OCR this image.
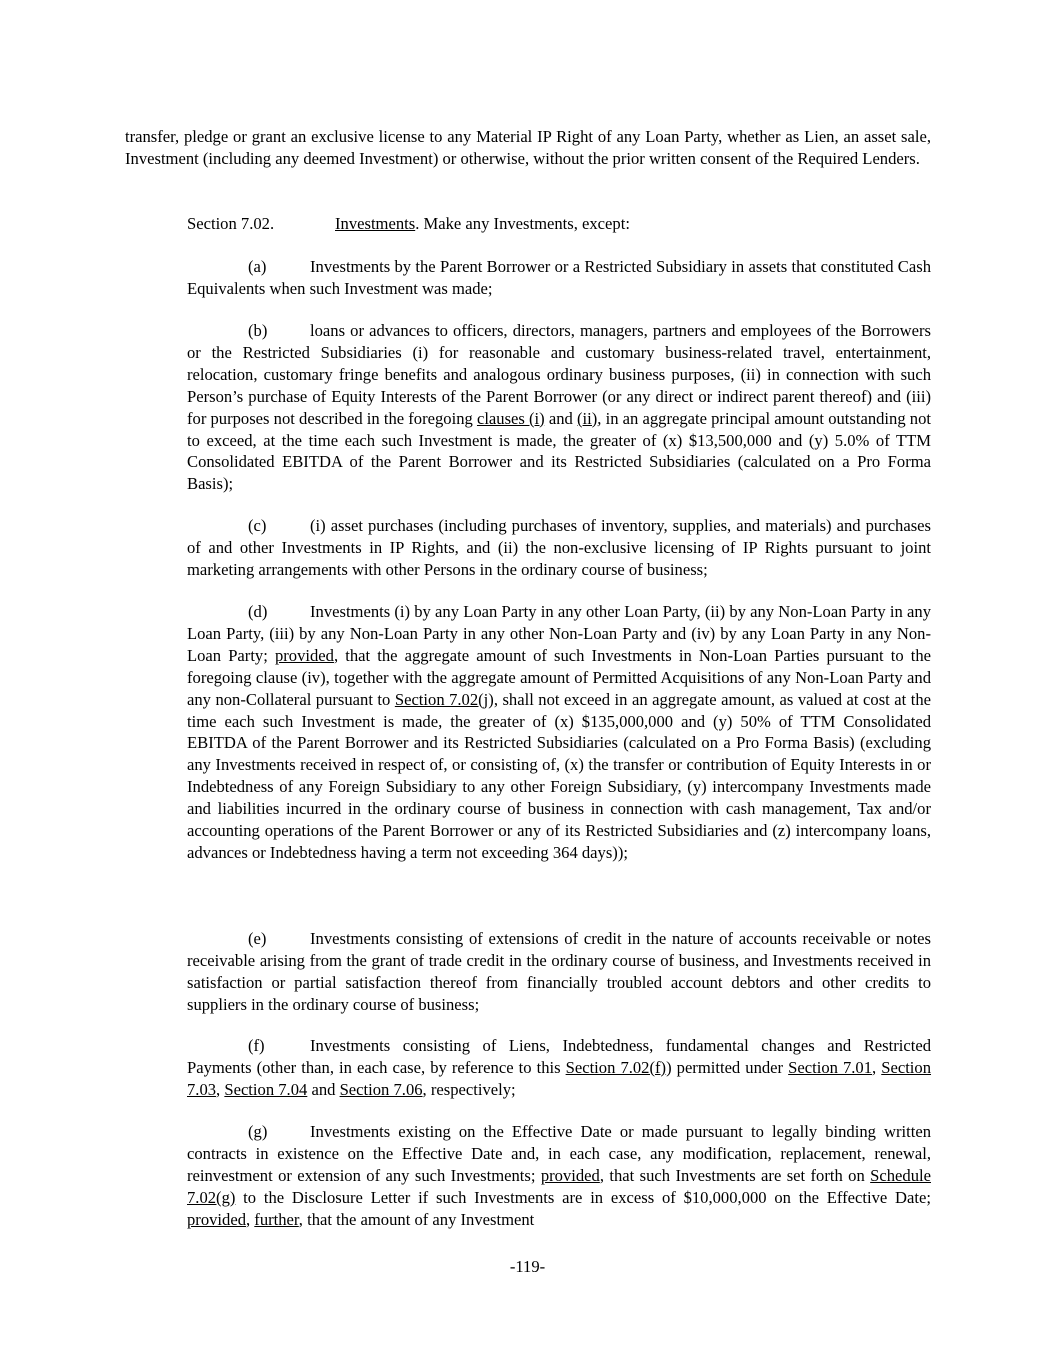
transfer, pledge or grant an exclusive license to any Material IP Right of any Loan Party, whether as Lien, an asset sale, Investment (including any deemed Investment) or otherwise, without the prior written consent of the Required Lenders.

Section 7.02.	Investments. Make any Investments, except:

(a)	Investments by the Parent Borrower or a Restricted Subsidiary in assets that constituted Cash Equivalents when such Investment was made;

(b)	loans or advances to officers, directors, managers, partners and employees of the Borrowers or the Restricted Subsidiaries (i) for reasonable and customary business-related travel, entertainment, relocation, customary fringe benefits and analogous ordinary business purposes, (ii) in connection with such Person’s purchase of Equity Interests of the Parent Borrower (or any direct or indirect parent thereof) and (iii) for purposes not described in the foregoing clauses (i) and (ii), in an aggregate principal amount outstanding not to exceed, at the time each such Investment is made, the greater of (x) $13,500,000 and (y) 5.0% of TTM Consolidated EBITDA of the Parent Borrower and its Restricted Subsidiaries (calculated on a Pro Forma Basis);

(c)	(i) asset purchases (including purchases of inventory, supplies, and materials) and purchases of and other Investments in IP Rights, and (ii) the non-exclusive licensing of IP Rights pursuant to joint marketing arrangements with other Persons in the ordinary course of business;

(d)	Investments (i) by any Loan Party in any other Loan Party, (ii) by any Non-Loan Party in any Loan Party, (iii) by any Non-Loan Party in any other Non-Loan Party and (iv) by any Loan Party in any Non-Loan Party; provided, that the aggregate amount of such Investments in Non-Loan Parties pursuant to the foregoing clause (iv), together with the aggregate amount of Permitted Acquisitions of any Non-Loan Party and any non-Collateral pursuant to Section 7.02(j), shall not exceed in an aggregate amount, as valued at cost at the time each such Investment is made, the greater of (x) $135,000,000 and (y) 50% of TTM Consolidated EBITDA of the Parent Borrower and its Restricted Subsidiaries (calculated on a Pro Forma Basis) (excluding any Investments received in respect of, or consisting of, (x) the transfer or contribution of Equity Interests in or Indebtedness of any Foreign Subsidiary to any other Foreign Subsidiary, (y) intercompany Investments made and liabilities incurred in the ordinary course of business in connection with cash management, Tax and/or accounting operations of the Parent Borrower or any of its Restricted Subsidiaries and (z) intercompany loans, advances or Indebtedness having a term not exceeding 364 days));

(e)	Investments consisting of extensions of credit in the nature of accounts receivable or notes receivable arising from the grant of trade credit in the ordinary course of business, and Investments received in satisfaction or partial satisfaction thereof from financially troubled account debtors and other credits to suppliers in the ordinary course of business;

(f)	Investments consisting of Liens, Indebtedness, fundamental changes and Restricted Payments (other than, in each case, by reference to this Section 7.02(f)) permitted under Section 7.01, Section 7.03, Section 7.04 and Section 7.06, respectively;

(g)	Investments existing on the Effective Date or made pursuant to legally binding written contracts in existence on the Effective Date and, in each case, any modification, replacement, renewal, reinvestment or extension of any such Investments; provided, that such Investments are set forth on Schedule 7.02(g) to the Disclosure Letter if such Investments are in excess of $10,000,000 on the Effective Date; provided, further, that the amount of any Investment

-119-
